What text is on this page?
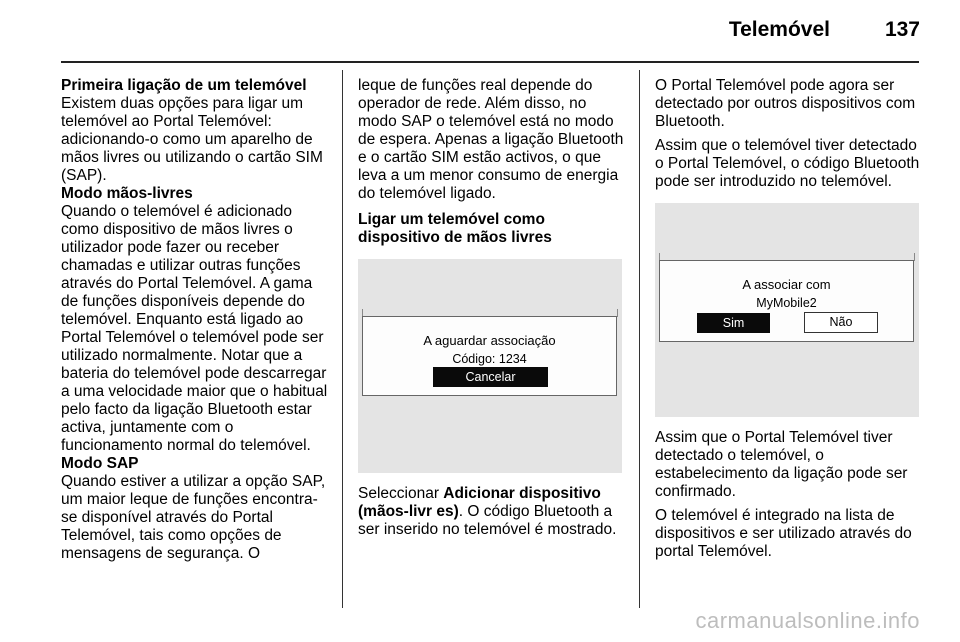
Telemóvel	137

Primeira ligação de um telemóvel

Existem duas opções para ligar um telemóvel ao Portal Telemóvel: adicionando-o como um aparelho de mãos livres ou utilizando o cartão SIM (SAP).

Modo mãos-livres

Quando o telemóvel é adicionado como dispositivo de mãos livres o utilizador pode fazer ou receber chamadas e utilizar outras funções através do Portal Telemóvel. A gama de funções disponíveis depende do telemóvel. Enquanto está ligado ao Portal Telemóvel o telemóvel pode ser utilizado normalmente. Notar que a bateria do telemóvel pode descarregar a uma velocidade maior que o habitual pelo facto da ligação Bluetooth estar activa, juntamente com o funcionamento normal do telemóvel.

Modo SAP

Quando estiver a utilizar a opção SAP, um maior leque de funções encontra-se disponível através do Portal Telemóvel, tais como opções de mensagens de segurança. O

leque de funções real depende do operador de rede. Além disso, no modo SAP o telemóvel está no modo de espera. Apenas a ligação Bluetooth e o cartão SIM estão activos, o que leva a um menor consumo de energia do telemóvel ligado.

Ligar um telemóvel como dispositivo de mãos livres

A aguardar associação
Código: 1234
Cancelar

Seleccionar Adicionar dispositivo (mãos-livr es). O código Bluetooth a ser inserido no telemóvel é mostrado.

O Portal Telemóvel pode agora ser detectado por outros dispositivos com Bluetooth.

Assim que o telemóvel tiver detectado o Portal Telemóvel, o código Bluetooth pode ser introduzido no telemóvel.

A associar com
MyMobile2
Sim	Não

Assim que o Portal Telemóvel tiver detectado o telemóvel, o estabelecimento da ligação pode ser confirmado.

O telemóvel é integrado na lista de dispositivos e ser utilizado através do portal Telemóvel.

carmanualsonline.info
